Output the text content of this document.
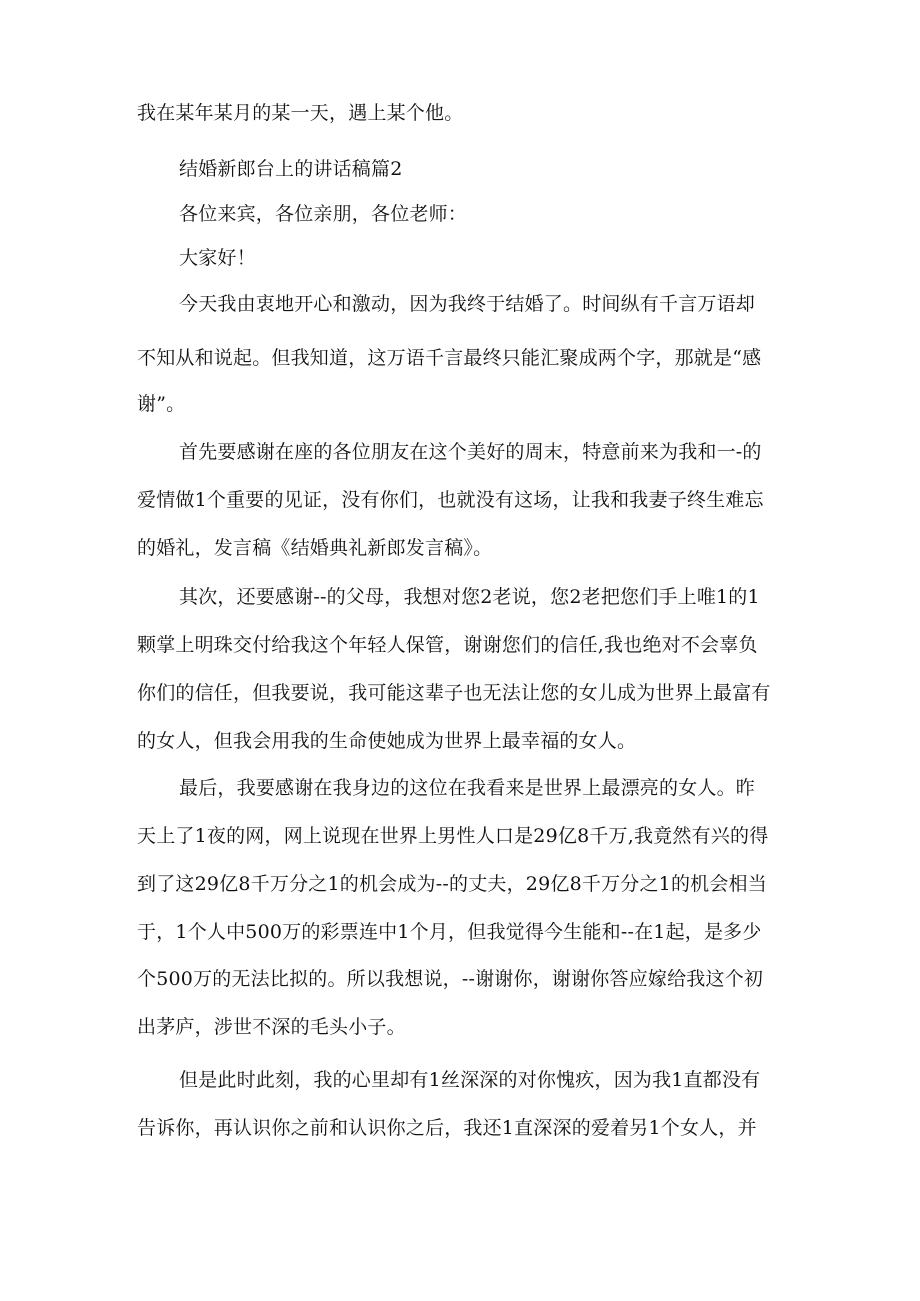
我在某年某月的某一天，遇上某个他。
结婚新郎台上的讲话稿篇2
各位来宾，各位亲朋，各位老师：
大家好！
今天我由衷地开心和激动，因为我终于结婚了。时间纵有千言万语却
不知从和说起。但我知道，这万语千言最终只能汇聚成两个字，那就是“感
谢”。
首先要感谢在座的各位朋友在这个美好的周末，特意前来为我和一-的
爱情做1个重要的见证，没有你们，也就没有这场，让我和我妻子终生难忘
的婚礼，发言稿《结婚典礼新郎发言稿》。
其次，还要感谢--的父母，我想对您2老说，您2老把您们手上唯1的1
颗掌上明珠交付给我这个年轻人保管，谢谢您们的信任,我也绝对不会辜负
你们的信任，但我要说，我可能这辈子也无法让您的女儿成为世界上最富有
的女人，但我会用我的生命使她成为世界上最幸福的女人。
最后，我要感谢在我身边的这位在我看来是世界上最漂亮的女人。昨
天上了1夜的网，网上说现在世界上男性人口是29亿8千万,我竟然有兴的得
到了这29亿8千万分之1的机会成为--的丈夫，29亿8千万分之1的机会相当
于，1个人中500万的彩票连中1个月，但我觉得今生能和--在1起，是多少
个500万的无法比拟的。所以我想说，--谢谢你，谢谢你答应嫁给我这个初
出茅庐，涉世不深的毛头小子。
但是此时此刻，我的心里却有1丝深深的对你愧疚，因为我1直都没有
告诉你，再认识你之前和认识你之后，我还1直深深的爱着另1个女人，并
